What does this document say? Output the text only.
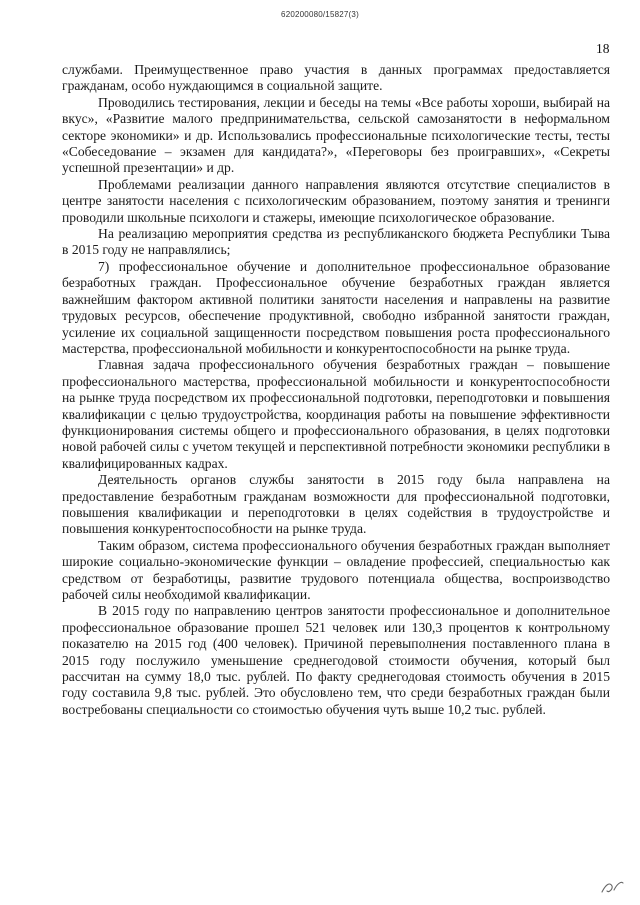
620200080/15827(3)
18

службами. Преимущественное право участия в данных программах предоставляется гражданам, особо нуждающимся в социальной защите.

Проводились тестирования, лекции и беседы на темы «Все работы хороши, выбирай на вкус», «Развитие малого предпринимательства, сельской самозанятости в неформальном секторе экономики» и др. Использовались профессиональные психологические тесты, тесты «Собеседование – экзамен для кандидата?», «Переговоры без проигравших», «Секреты успешной презентации» и др.

Проблемами реализации данного направления являются отсутствие специалистов в центре занятости населения с психологическим образованием, поэтому занятия и тренинги проводили школьные психологи и стажеры, имеющие психологическое образование.

На реализацию мероприятия средства из республиканского бюджета Республики Тыва в 2015 году не направлялись;

7) профессиональное обучение и дополнительное профессиональное образование безработных граждан. Профессиональное обучение безработных граждан является важнейшим фактором активной политики занятости населения и направлены на развитие трудовых ресурсов, обеспечение продуктивной, свободно избранной занятости граждан, усиление их социальной защищенности посредством повышения роста профессионального мастерства, профессиональной мобильности и конкурентоспособности на рынке труда.

Главная задача профессионального обучения безработных граждан – повышение профессионального мастерства, профессиональной мобильности и конкурентоспособности на рынке труда посредством их профессиональной подготовки, переподготовки и повышения квалификации с целью трудоустройства, координация работы на повышение эффективности функционирования системы общего и профессионального образования, в целях подготовки новой рабочей силы с учетом текущей и перспективной потребности экономики республики в квалифицированных кадрах.

Деятельность органов службы занятости в 2015 году была направлена на предоставление безработным гражданам возможности для профессиональной подготовки, повышения квалификации и переподготовки в целях содействия в трудоустройстве и повышения конкурентоспособности на рынке труда.

Таким образом, система профессионального обучения безработных граждан выполняет широкие социально-экономические функции – овладение профессией, специальностью как средством от безработицы, развитие трудового потенциала общества, воспроизводство рабочей силы необходимой квалификации.

В 2015 году по направлению центров занятости профессиональное и дополнительное профессиональное образование прошел 521 человек или 130,3 процентов к контрольному показателю на 2015 год (400 человек). Причиной перевыполнения поставленного плана в 2015 году послужило уменьшение среднегодовой стоимости обучения, который был рассчитан на сумму 18,0 тыс. рублей. По факту среднегодовая стоимость обучения в 2015 году составила 9,8 тыс. рублей. Это обусловлено тем, что среди безработных граждан были востребованы специальности со стоимостью обучения чуть выше 10,2 тыс. рублей.
